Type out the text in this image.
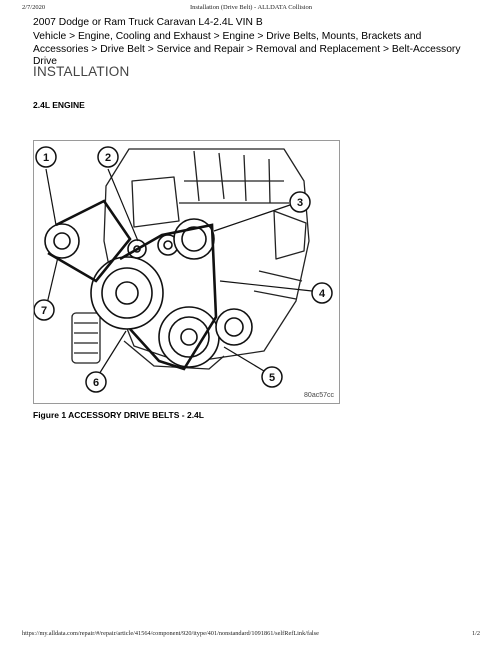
2/7/2020	Installation (Drive Belt) - ALLDATA Collision
2007 Dodge or Ram Truck Caravan L4-2.4L VIN B
Vehicle > Engine, Cooling and Exhaust > Engine > Drive Belts, Mounts, Brackets and Accessories > Drive Belt > Service and Repair > Removal and Replacement > Belt-Accessory Drive
INSTALLATION
2.4L ENGINE
1	2
3
4
5
6
7
80ac57cc
Figure 1 ACCESSORY DRIVE BELTS - 2.4L
https://my.alldata.com/repair/#/repair/article/41564/component/920/itype/401/nonstandard/1091861/selfRefLink/false	1/2
